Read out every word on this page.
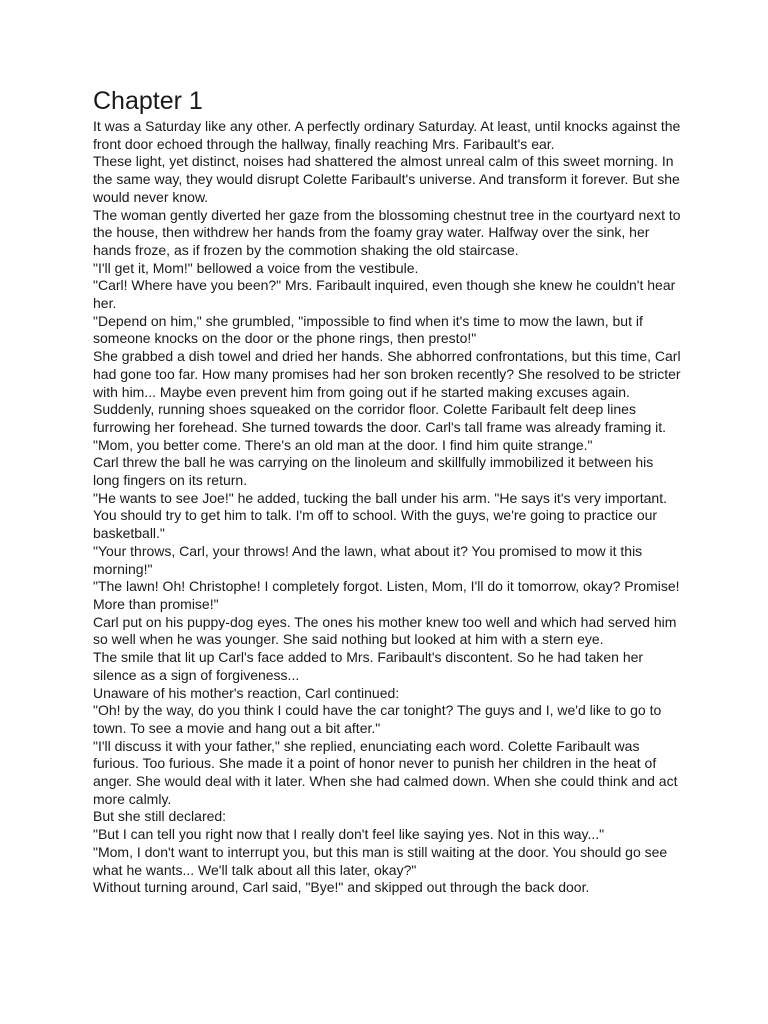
Chapter 1

It was a Saturday like any other. A perfectly ordinary Saturday. At least, until knocks against the front door echoed through the hallway, finally reaching Mrs. Faribault's ear.

These light, yet distinct, noises had shattered the almost unreal calm of this sweet morning. In the same way, they would disrupt Colette Faribault's universe. And transform it forever. But she would never know.

The woman gently diverted her gaze from the blossoming chestnut tree in the courtyard next to the house, then withdrew her hands from the foamy gray water. Halfway over the sink, her hands froze, as if frozen by the commotion shaking the old staircase.

"I'll get it, Mom!" bellowed a voice from the vestibule.

"Carl! Where have you been?" Mrs. Faribault inquired, even though she knew he couldn't hear her.

"Depend on him," she grumbled, "impossible to find when it's time to mow the lawn, but if someone knocks on the door or the phone rings, then presto!"

She grabbed a dish towel and dried her hands. She abhorred confrontations, but this time, Carl had gone too far. How many promises had her son broken recently? She resolved to be stricter with him... Maybe even prevent him from going out if he started making excuses again.

Suddenly, running shoes squeaked on the corridor floor. Colette Faribault felt deep lines furrowing her forehead. She turned towards the door. Carl's tall frame was already framing it.

"Mom, you better come. There's an old man at the door. I find him quite strange."

Carl threw the ball he was carrying on the linoleum and skillfully immobilized it between his long fingers on its return.

"He wants to see Joe!" he added, tucking the ball under his arm. "He says it's very important. You should try to get him to talk. I'm off to school. With the guys, we're going to practice our basketball."

"Your throws, Carl, your throws! And the lawn, what about it? You promised to mow it this morning!"

"The lawn! Oh! Christophe! I completely forgot. Listen, Mom, I'll do it tomorrow, okay? Promise! More than promise!"

Carl put on his puppy-dog eyes. The ones his mother knew too well and which had served him so well when he was younger. She said nothing but looked at him with a stern eye.

The smile that lit up Carl's face added to Mrs. Faribault's discontent. So he had taken her silence as a sign of forgiveness...

Unaware of his mother's reaction, Carl continued:

"Oh! by the way, do you think I could have the car tonight? The guys and I, we'd like to go to town. To see a movie and hang out a bit after."

"I'll discuss it with your father," she replied, enunciating each word. Colette Faribault was furious. Too furious. She made it a point of honor never to punish her children in the heat of anger. She would deal with it later. When she had calmed down. When she could think and act more calmly.

But she still declared:

"But I can tell you right now that I really don't feel like saying yes. Not in this way..."

"Mom, I don't want to interrupt you, but this man is still waiting at the door. You should go see what he wants... We'll talk about all this later, okay?"

Without turning around, Carl said, "Bye!" and skipped out through the back door.
